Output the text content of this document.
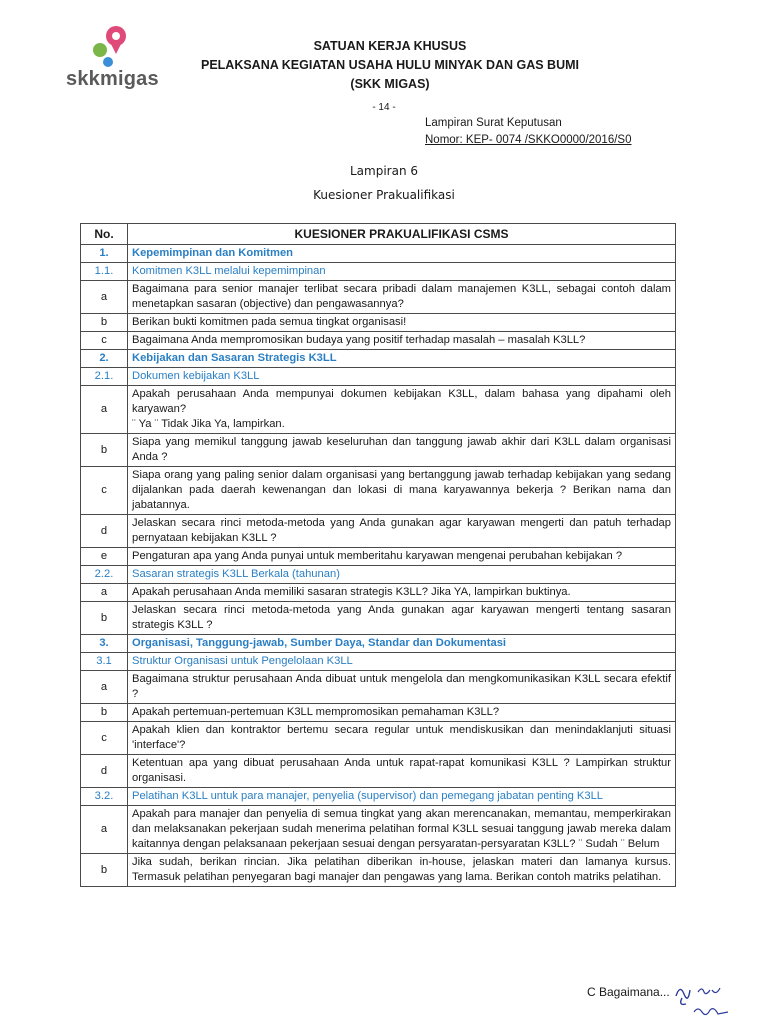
skkmigas
SATUAN KERJA KHUSUS
PELAKSANA KEGIATAN USAHA HULU MINYAK DAN GAS BUMI
(SKK MIGAS)
- 14 -
Lampiran Surat Keputusan
Nomor: KEP- 0074 /SKKO0000/2016/S0
Lampiran 6
Kuesioner Prakualifikasi
No.	KUESIONER PRAKUALIFIKASI CSMS
1.	Kepemimpinan dan Komitmen
1.1.	Komitmen K3LL melalui kepemimpinan
a	Bagaimana para senior manajer terlibat secara pribadi dalam manajemen K3LL, sebagai contoh dalam menetapkan sasaran (objective) dan pengawasannya?
b	Berikan bukti komitmen pada semua tingkat organisasi!
c	Bagaimana Anda mempromosikan budaya yang positif terhadap masalah – masalah K3LL?
2.	Kebijakan dan Sasaran Strategis K3LL
2.1.	Dokumen kebijakan K3LL
a	Apakah perusahaan Anda mempunyai dokumen kebijakan K3LL, dalam bahasa yang dipahami oleh karyawan?
¨ Ya ¨ Tidak Jika Ya, lampirkan.

b	Siapa yang memikul tanggung jawab keseluruhan dan tanggung jawab akhir dari K3LL dalam organisasi Anda ?
c	Siapa orang yang paling senior dalam organisasi yang bertanggung jawab terhadap kebijakan yang sedang dijalankan pada daerah kewenangan dan lokasi di mana karyawannya bekerja ? Berikan nama dan jabatannya.
d	Jelaskan secara rinci metoda-metoda yang Anda gunakan agar karyawan mengerti dan patuh terhadap pernyataan kebijakan K3LL ?
e	Pengaturan apa yang Anda punyai untuk memberitahu karyawan mengenai perubahan kebijakan ?
2.2.	Sasaran strategis K3LL Berkala (tahunan)
a	Apakah perusahaan Anda memiliki sasaran strategis K3LL? Jika YA, lampirkan buktinya.
b	Jelaskan secara rinci metoda-metoda yang Anda gunakan agar karyawan mengerti tentang sasaran strategis K3LL ?
3.	Organisasi, Tanggung-jawab, Sumber Daya, Standar dan Dokumentasi
3.1	Struktur Organisasi untuk Pengelolaan K3LL
a	Bagaimana struktur perusahaan Anda dibuat untuk mengelola dan mengkomunikasikan K3LL secara efektif ?
b	Apakah pertemuan-pertemuan K3LL mempromosikan pemahaman K3LL?
c	Apakah klien dan kontraktor bertemu secara regular untuk mendiskusikan dan menindaklanjuti situasi 'interface'?
d	Ketentuan apa yang dibuat perusahaan Anda untuk rapat-rapat komunikasi K3LL ? Lampirkan struktur organisasi.
3.2.	Pelatihan K3LL untuk para manajer, penyelia (supervisor) dan pemegang jabatan penting K3LL
a	Apakah para manajer dan penyelia di semua tingkat yang akan merencanakan, memantau, memperkirakan dan melaksanakan pekerjaan sudah menerima pelatihan formal K3LL sesuai tanggung jawab mereka dalam kaitannya dengan pelaksanaan pekerjaan sesuai dengan persyaratan-persyaratan K3LL? ¨ Sudah ¨ Belum
b	Jika sudah, berikan rincian. Jika pelatihan diberikan in-house, jelaskan materi dan lamanya kursus. Termasuk pelatihan penyegaran bagi manajer dan pengawas yang lama. Berikan contoh matriks pelatihan.
C Bagaimana...
